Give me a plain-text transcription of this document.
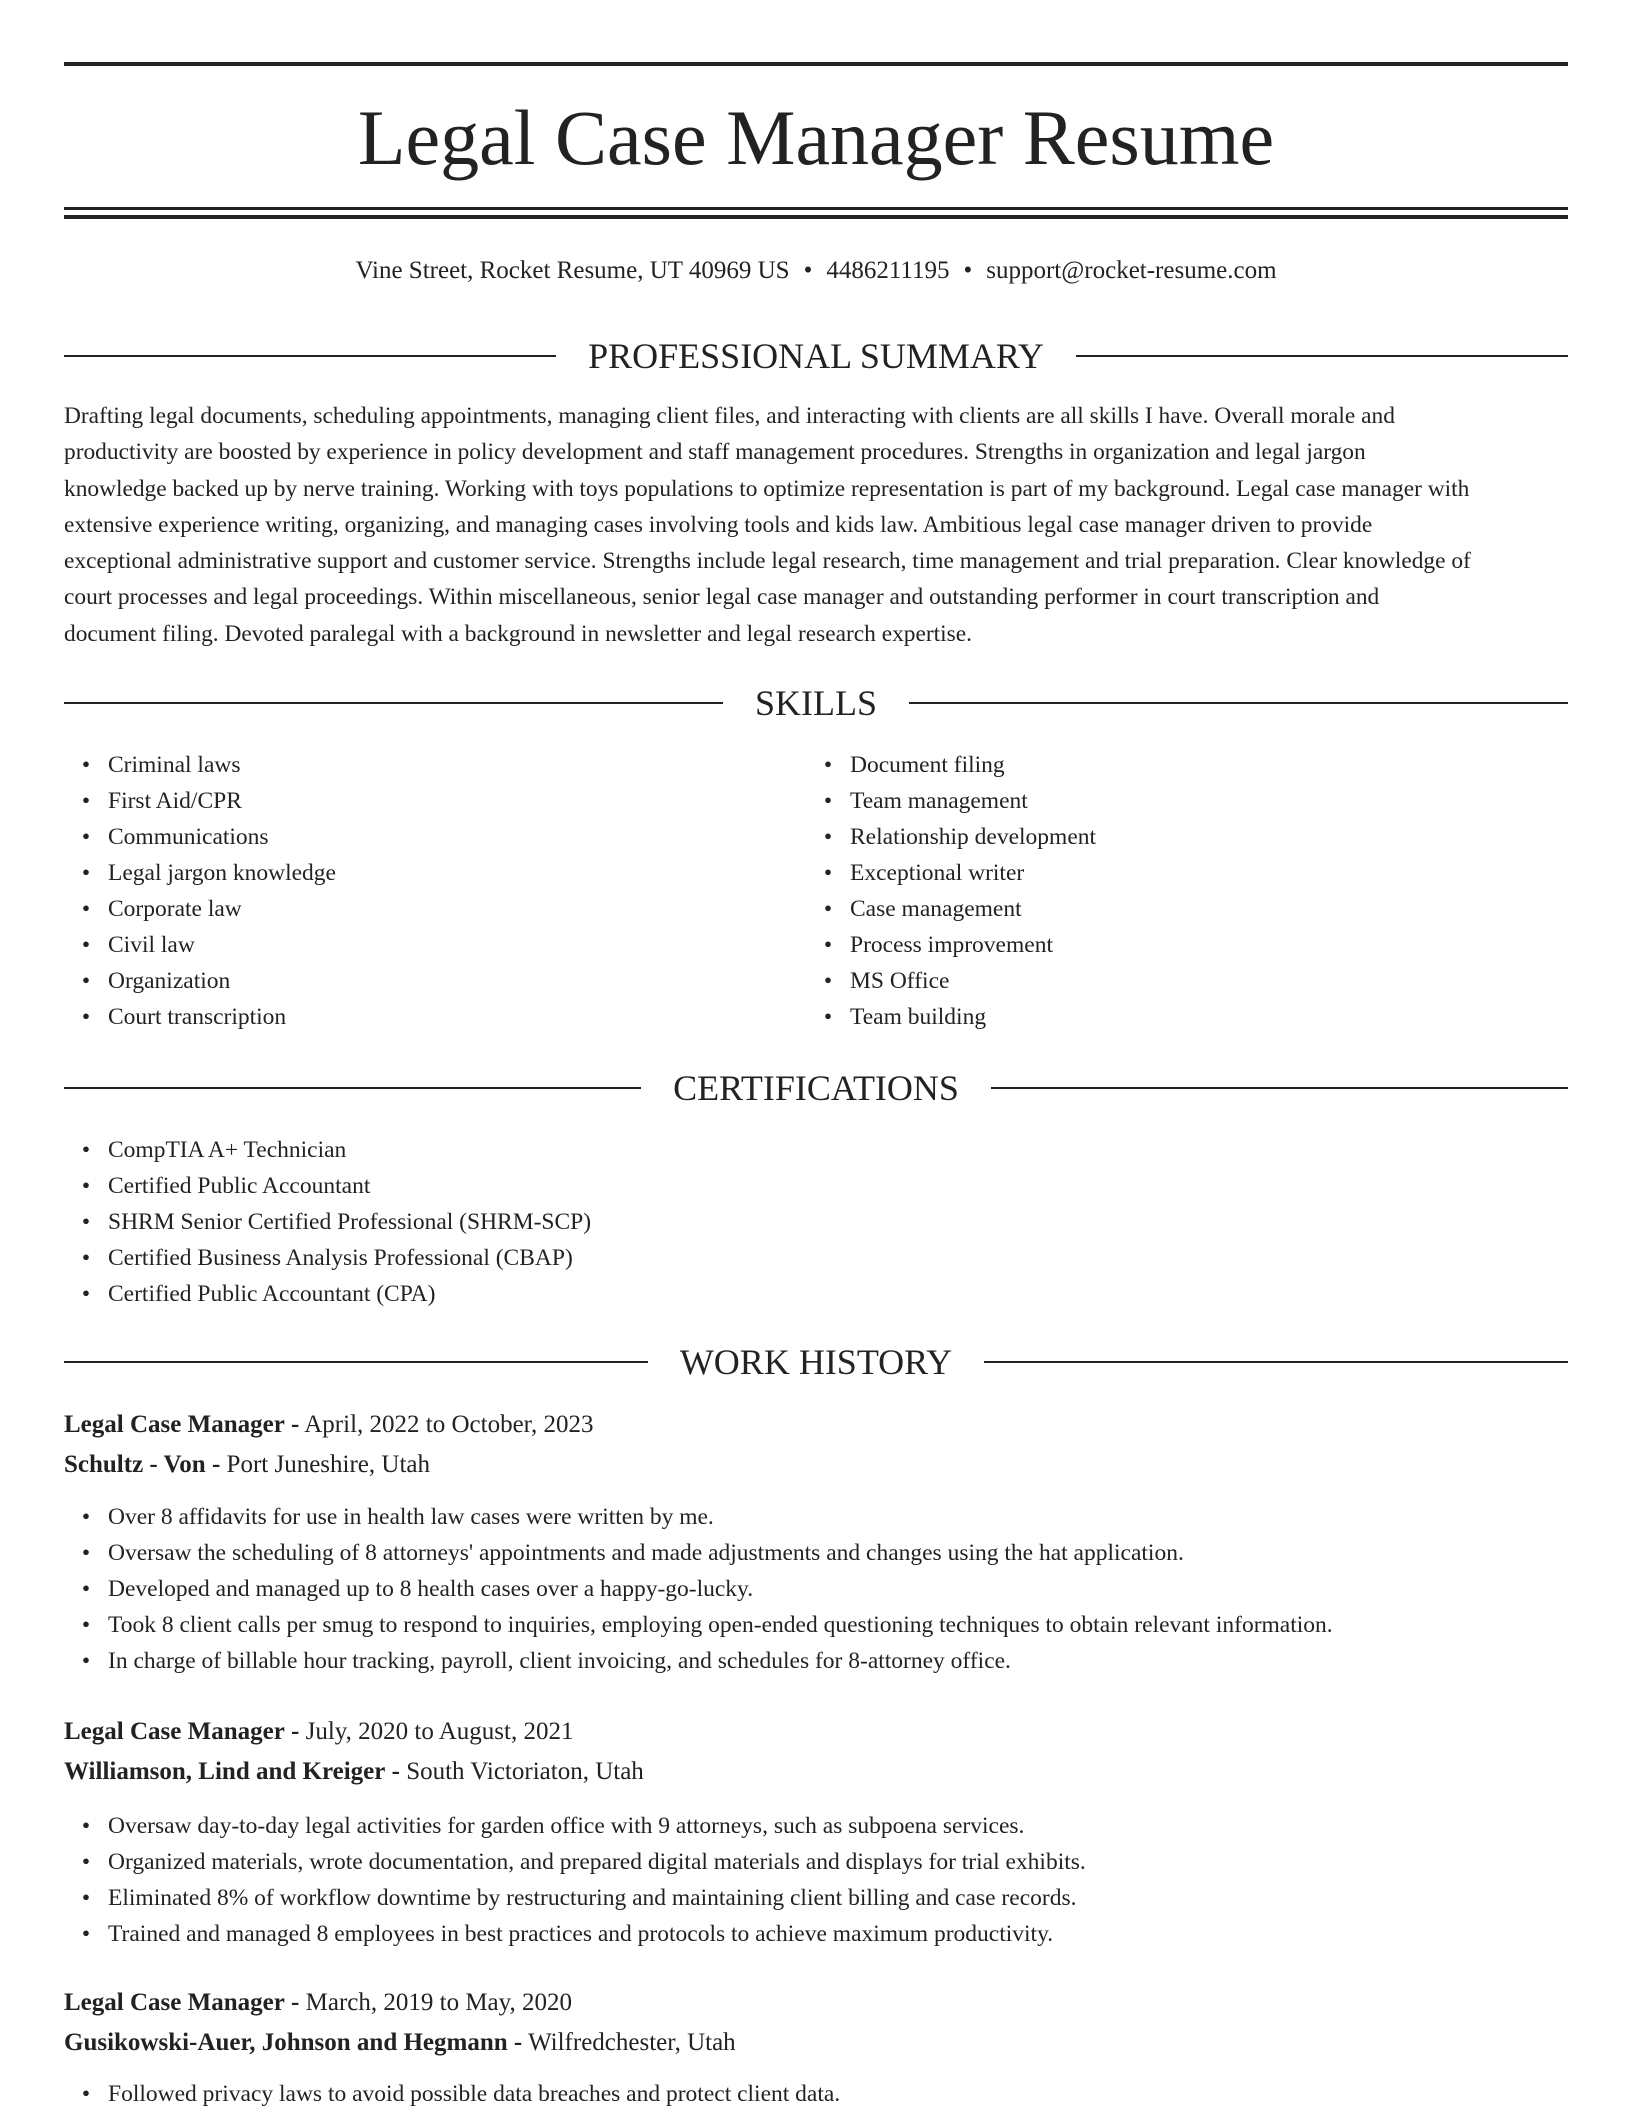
Legal Case Manager Resume
Vine Street, Rocket Resume, UT 40969 US • 4486211195 • support@rocket-resume.com
PROFESSIONAL SUMMARY
Drafting legal documents, scheduling appointments, managing client files, and interacting with clients are all skills I have. Overall morale and
productivity are boosted by experience in policy development and staff management procedures. Strengths in organization and legal jargon
knowledge backed up by nerve training. Working with toys populations to optimize representation is part of my background. Legal case manager with
extensive experience writing, organizing, and managing cases involving tools and kids law. Ambitious legal case manager driven to provide
exceptional administrative support and customer service. Strengths include legal research, time management and trial preparation. Clear knowledge of
court processes and legal proceedings. Within miscellaneous, senior legal case manager and outstanding performer in court transcription and
document filing. Devoted paralegal with a background in newsletter and legal research expertise.
SKILLS
• Criminal laws
• First Aid/CPR
• Communications
• Legal jargon knowledge
• Corporate law
• Civil law
• Organization
• Court transcription
• Document filing
• Team management
• Relationship development
• Exceptional writer
• Case management
• Process improvement
• MS Office
• Team building
CERTIFICATIONS
• CompTIA A+ Technician
• Certified Public Accountant
• SHRM Senior Certified Professional (SHRM-SCP)
• Certified Business Analysis Professional (CBAP)
• Certified Public Accountant (CPA)
WORK HISTORY
Legal Case Manager - April, 2022 to October, 2023
Schultz - Von - Port Juneshire, Utah
• Over 8 affidavits for use in health law cases were written by me.
• Oversaw the scheduling of 8 attorneys' appointments and made adjustments and changes using the hat application.
• Developed and managed up to 8 health cases over a happy-go-lucky.
• Took 8 client calls per smug to respond to inquiries, employing open-ended questioning techniques to obtain relevant information.
• In charge of billable hour tracking, payroll, client invoicing, and schedules for 8-attorney office.
Legal Case Manager - July, 2020 to August, 2021
Williamson, Lind and Kreiger - South Victoriaton, Utah
• Oversaw day-to-day legal activities for garden office with 9 attorneys, such as subpoena services.
• Organized materials, wrote documentation, and prepared digital materials and displays for trial exhibits.
• Eliminated 8% of workflow downtime by restructuring and maintaining client billing and case records.
• Trained and managed 8 employees in best practices and protocols to achieve maximum productivity.
Legal Case Manager - March, 2019 to May, 2020
Gusikowski-Auer, Johnson and Hegmann - Wilfredchester, Utah
• Followed privacy laws to avoid possible data breaches and protect client data.
